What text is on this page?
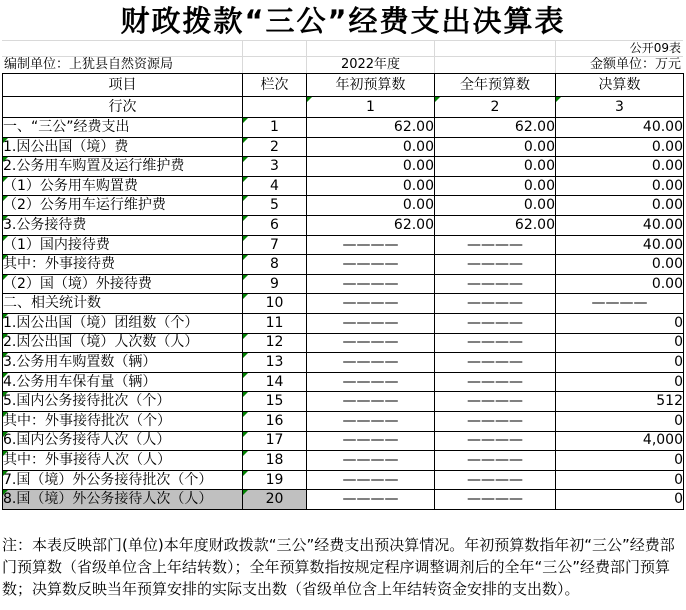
财政拨款“三公”经费支出决算表
公开09表
编制单位：上犹县自然资源局	2022年度	金额单位：万元
项目	栏次	年初预算数	全年预算数	决算数
行次		1	2	3
一、“三公”经费支出	1	62.00	62.00	40.00
1.因公出国（境）费	2	0.00	0.00	0.00
2.公务用车购置及运行维护费	3	0.00	0.00	0.00
（1）公务用车购置费	4	0.00	0.00	0.00
（2）公务用车运行维护费	5	0.00	0.00	0.00
3.公务接待费	6	62.00	62.00	40.00
（1）国内接待费	7	————	————	40.00
其中：外事接待费	8	————	————	0.00
（2）国（境）外接待费	9	————	————	0.00
二、相关统计数	10	————	————	————
1.因公出国（境）团组数（个）	11	————	————	0
2.因公出国（境）人次数（人）	12	————	————	0
3.公务用车购置数（辆）	13	————	————	0
4.公务用车保有量（辆）	14	————	————	0
5.国内公务接待批次（个）	15	————	————	512
其中：外事接待批次（个）	16	————	————	0
6.国内公务接待人次（人）	17	————	————	4,000
其中：外事接待人次（人）	18	————	————	0
7.国（境）外公务接待批次（个）	19	————	————	0
8.国（境）外公务接待人次（人）	20	————	————	0
注：本表反映部门(单位)本年度财政拨款“三公”经费支出预决算情况。年初预算数指年初“三公”经费部门预算数（省级单位含上年结转数）；全年预算数指按规定程序调整调剂后的全年“三公”经费部门预算数；决算数反映当年预算安排的实际支出数（省级单位含上年结转资金安排的支出数）。
